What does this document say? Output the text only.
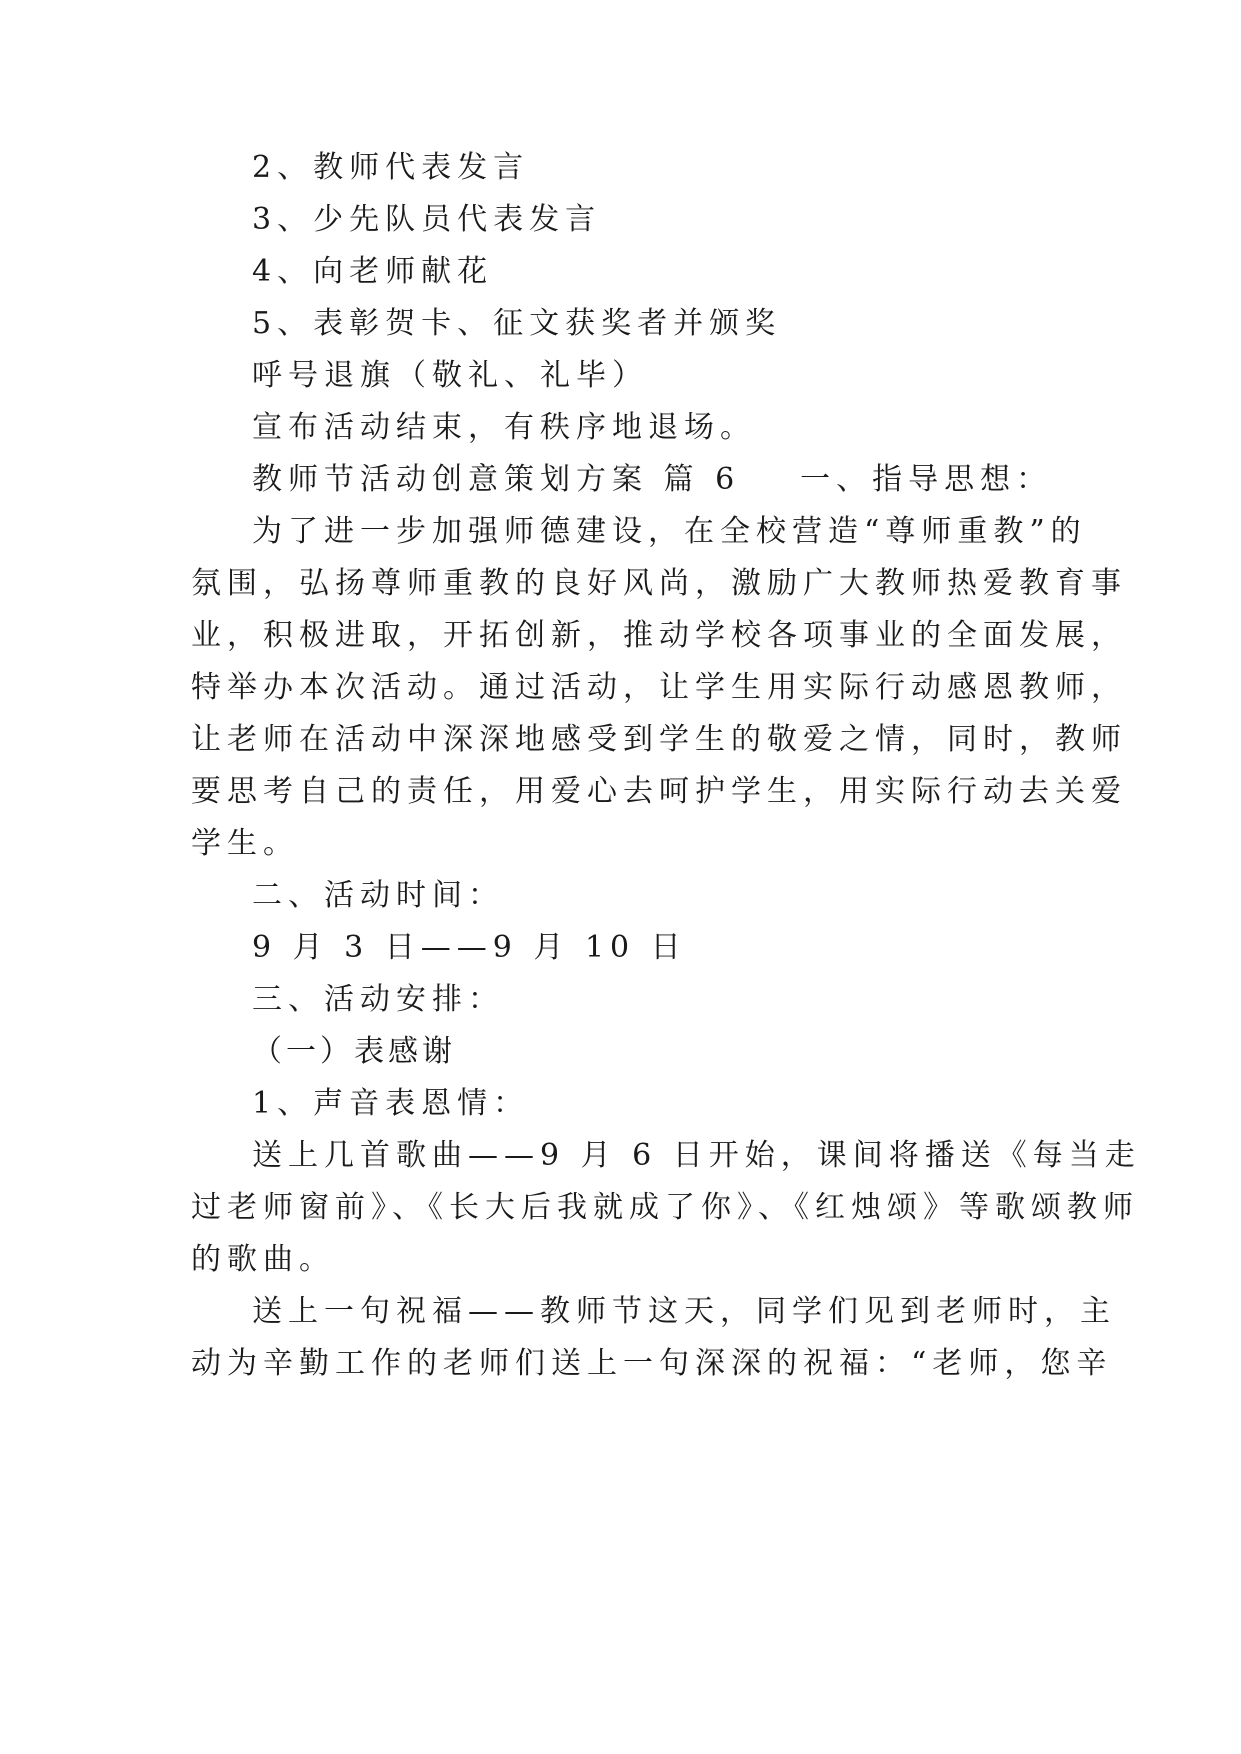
2、教师代表发言
3、少先队员代表发言
4、向老师献花
5、表彰贺卡、征文获奖者并颁奖
呼号退旗（敬礼、礼毕）
宣布活动结束，有秩序地退场。
教师节活动创意策划方案 篇 6 一、指导思想：
为了进一步加强师德建设，在全校营造“尊师重教”的
氛围，弘扬尊师重教的良好风尚，激励广大教师热爱教育事
业，积极进取，开拓创新，推动学校各项事业的全面发展，
特举办本次活动。通过活动，让学生用实际行动感恩教师，
让老师在活动中深深地感受到学生的敬爱之情，同时，教师
要思考自己的责任，用爱心去呵护学生，用实际行动去关爱
学生。
二、活动时间：
9 月 3 日——9 月 10 日
三、活动安排：
（一）表感谢
1、声音表恩情：
送上几首歌曲——9 月 6 日开始，课间将播送《每当走
过老师窗前》、《长大后我就成了你》、《红烛颂》等歌颂教师
的歌曲。
送上一句祝福——教师节这天，同学们见到老师时，主
动为辛勤工作的老师们送上一句深深的祝福：“老师，您辛
